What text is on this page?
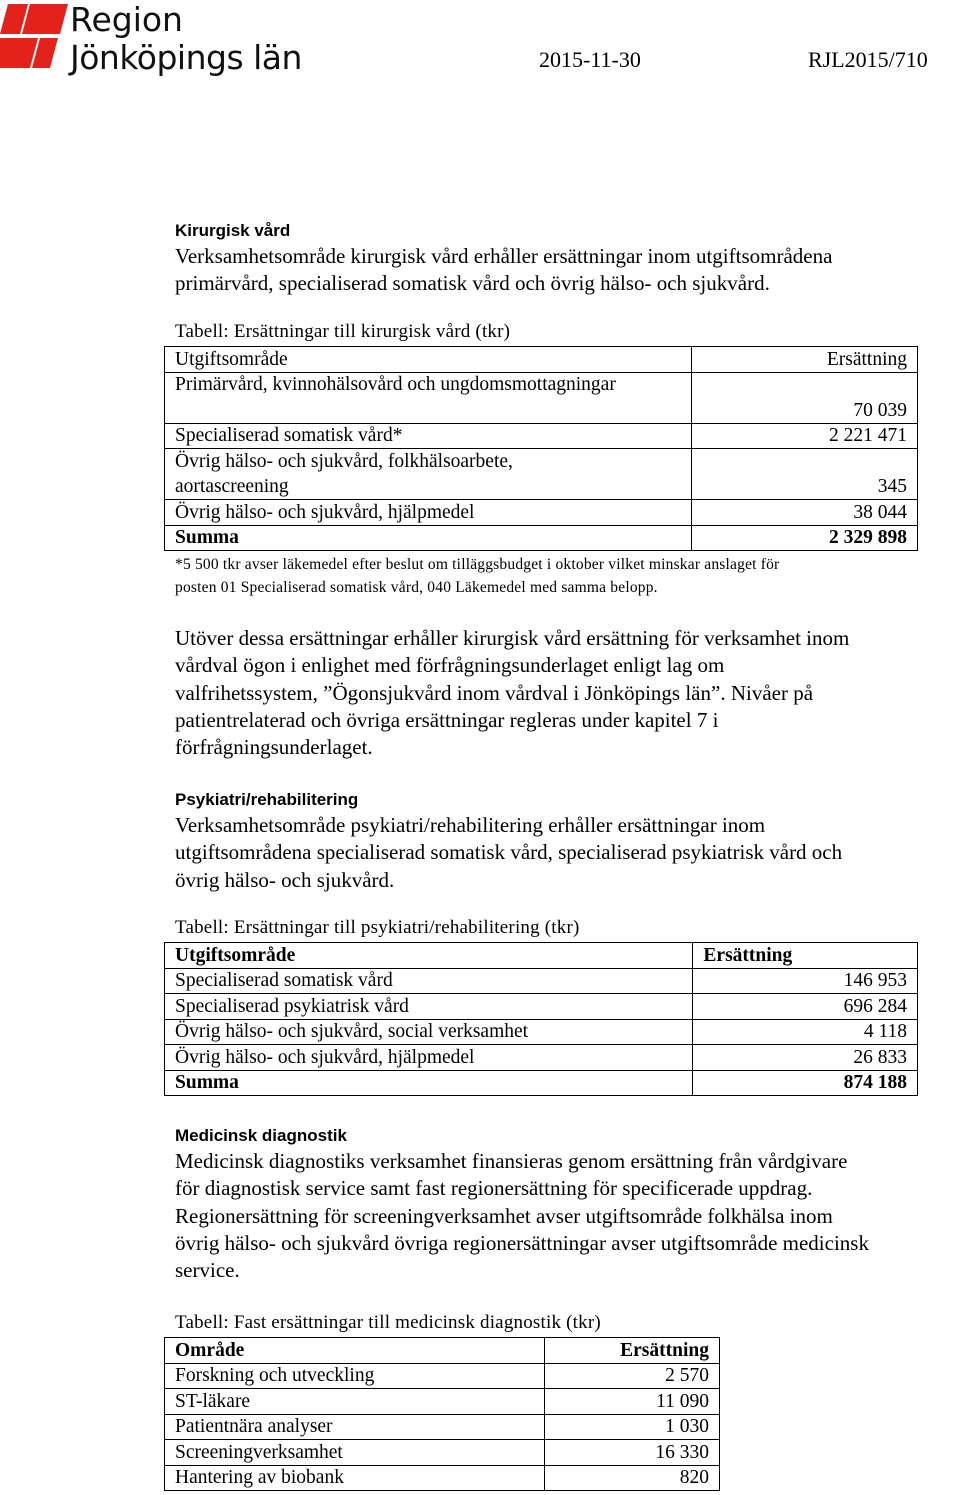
Region
Jönköpings län	2015-11-30	RJL2015/710
Kirurgisk vård
Verksamhetsområde kirurgisk vård erhåller ersättningar inom utgiftsområdena
primärvård, specialiserad somatisk vård och övrig hälso- och sjukvård.
Tabell: Ersättningar till kirurgisk vård (tkr)
Utgiftsområde	Ersättning
Primärvård, kvinnohälsovård och ungdomsmottagningar	70 039
Specialiserad somatisk vård*	2 221 471

Övrig hälso- och sjukvård, folkhälsoarbete,
aortascreening	345
Övrig hälso- och sjukvård, hjälpmedel	38 044
Summa	2 329 898
*5 500 tkr avser läkemedel efter beslut om tilläggsbudget i oktober vilket minskar anslaget för
posten 01 Specialiserad somatisk vård, 040 Läkemedel med samma belopp.
Utöver dessa ersättningar erhåller kirurgisk vård ersättning för verksamhet inom
vårdval ögon i enlighet med förfrågningsunderlaget enligt lag om
valfrihetssystem, ”Ögonsjukvård inom vårdval i Jönköpings län”. Nivåer på
patientrelaterad och övriga ersättningar regleras under kapitel 7 i
förfrågningsunderlaget.
Psykiatri/rehabilitering
Verksamhetsområde psykiatri/rehabilitering erhåller ersättningar inom
utgiftsområdena specialiserad somatisk vård, specialiserad psykiatrisk vård och
övrig hälso- och sjukvård.
Tabell: Ersättningar till psykiatri/rehabilitering (tkr)
Utgiftsområde	Ersättning
Specialiserad somatisk vård	146 953
Specialiserad psykiatrisk vård	696 284
Övrig hälso- och sjukvård, social verksamhet	4 118
Övrig hälso- och sjukvård, hjälpmedel	26 833
Summa	874 188
Medicinsk diagnostik
Medicinsk diagnostiks verksamhet finansieras genom ersättning från vårdgivare
för diagnostisk service samt fast regionersättning för specificerade uppdrag.
Regionersättning för screeningverksamhet avser utgiftsområde folkhälsa inom
övrig hälso- och sjukvård övriga regionersättningar avser utgiftsområde medicinsk
service.
Tabell: Fast ersättningar till medicinsk diagnostik (tkr)
Område	Ersättning
Forskning och utveckling	2 570
ST-läkare	11 090
Patientnära analyser	1 030
Screeningverksamhet	16 330
Hantering av biobank	820
